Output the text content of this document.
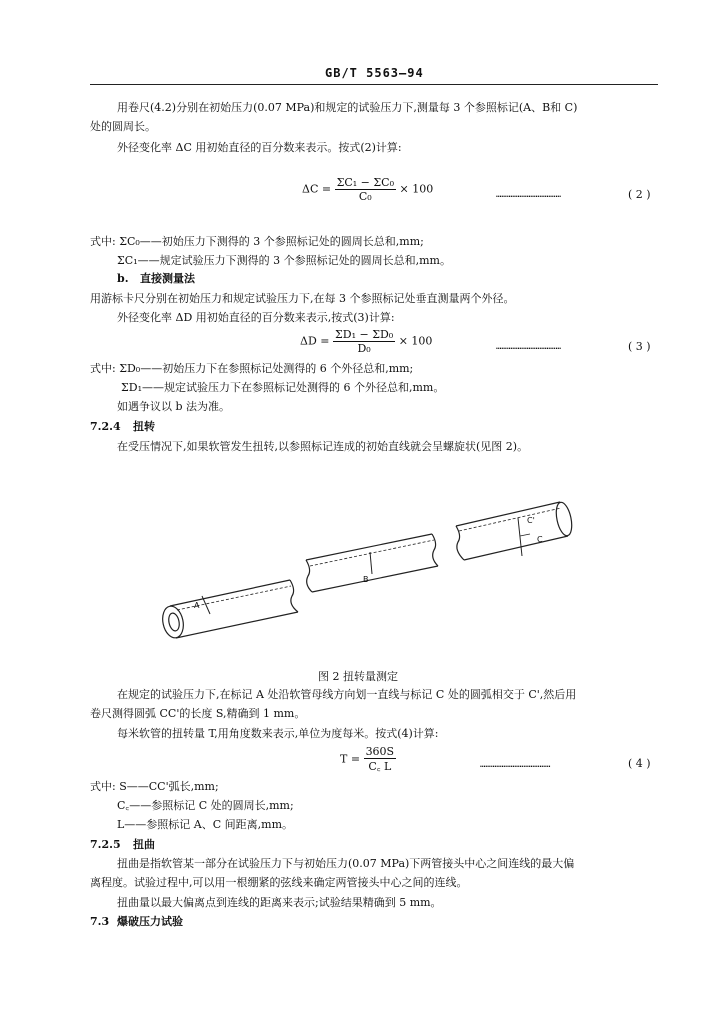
GB/T 5563—94
用卷尺(4.2)分别在初始压力(0.07 MPa)和规定的试验压力下,测量每 3 个参照标记(A、B和 C)
处的圆周长。
外径变化率 ΔC 用初始直径的百分数来表示。按式(2)计算:
$\Delta C = \frac{\text{ΣC₁ − ΣC₀}}{\text{C₀}} \times 100$	………………………………	( 2 )
式中: ΣC₀——初始压力下测得的 3 个参照标记处的圆周长总和,mm;
ΣC₁——规定试验压力下测得的 3 个参照标记处的圆周长总和,mm。
b. 直接测量法
用游标卡尺分别在初始压力和规定试验压力下,在每 3 个参照标记处垂直测量两个外径。
外径变化率 ΔD 用初始直径的百分数来表示,按式(3)计算:
$\Delta D = \frac{\text{ΣD₁ − ΣD₀}}{\text{D₀}} \times 100$	………………………………	( 3 )
式中: ΣD₀——初始压力下在参照标记处测得的 6 个外径总和,mm;
ΣD₁——规定试验压力下在参照标记处测得的 6 个外径总和,mm。
如遇争议以 b 法为准。
7.2.4 扭转
在受压情况下,如果软管发生扭转,以参照标记连成的初始直线就会呈螺旋状(见图 2)。
A
B
C'
C
图 2 扭转量测定
在规定的试验压力下,在标记 A 处沿软管母线方向划一直线与标记 C 处的圆弧相交于 C',然后用
卷尺测得圆弧 CC'的长度 S,精确到 1 mm。
每米软管的扭转量 T,用角度数来表示,单位为度每米。按式(4)计算:
$T = \frac{360S}{C꜀ L}$	…………………………………	( 4 )
式中: S——CC'弧长,mm;
C꜀——参照标记 C 处的圆周长,mm;
L——参照标记 A、C 间距离,mm。
7.2.5 扭曲
扭曲是指软管某一部分在试验压力下与初始压力(0.07 MPa)下两管接头中心之间连线的最大偏
离程度。试验过程中,可以用一根绷紧的弦线来确定两管接头中心之间的连线。
扭曲量以最大偏离点到连线的距离来表示;试验结果精确到 5 mm。
7.3 爆破压力试验
